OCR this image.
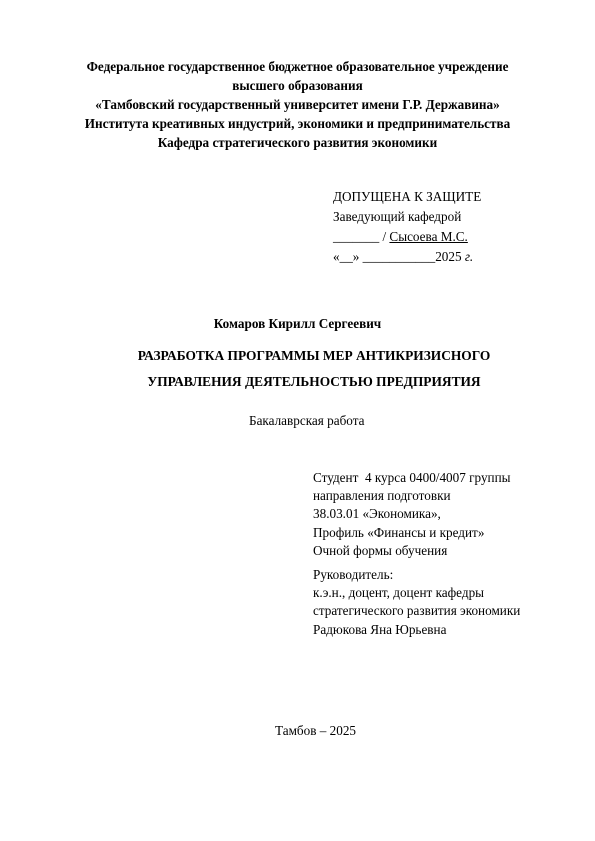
Федеральное государственное бюджетное образовательное учреждение
высшего образования
«Тамбовский государственный университет имени Г.Р. Державина»
Института креативных индустрий, экономики и предпринимательства
Кафедра стратегического развития экономики
ДОПУЩЕНА К ЗАЩИТЕ
Заведующий кафедрой
_______ / Сысоева М.С.
«__» ___________2025 г.
Комаров Кирилл Сергеевич
РАЗРАБОТКА ПРОГРАММЫ МЕР АНТИКРИЗИСНОГО
УПРАВЛЕНИЯ ДЕЯТЕЛЬНОСТЬЮ ПРЕДПРИЯТИЯ
Бакалаврская работа
Студент  4 курса 0400/4007 группы
направления подготовки
38.03.01 «Экономика»,
Профиль «Финансы и кредит»
Очной формы обучения
Руководитель:
к.э.н., доцент, доцент кафедры
стратегического развития экономики
Радюкова Яна Юрьевна
Тамбов – 2025
